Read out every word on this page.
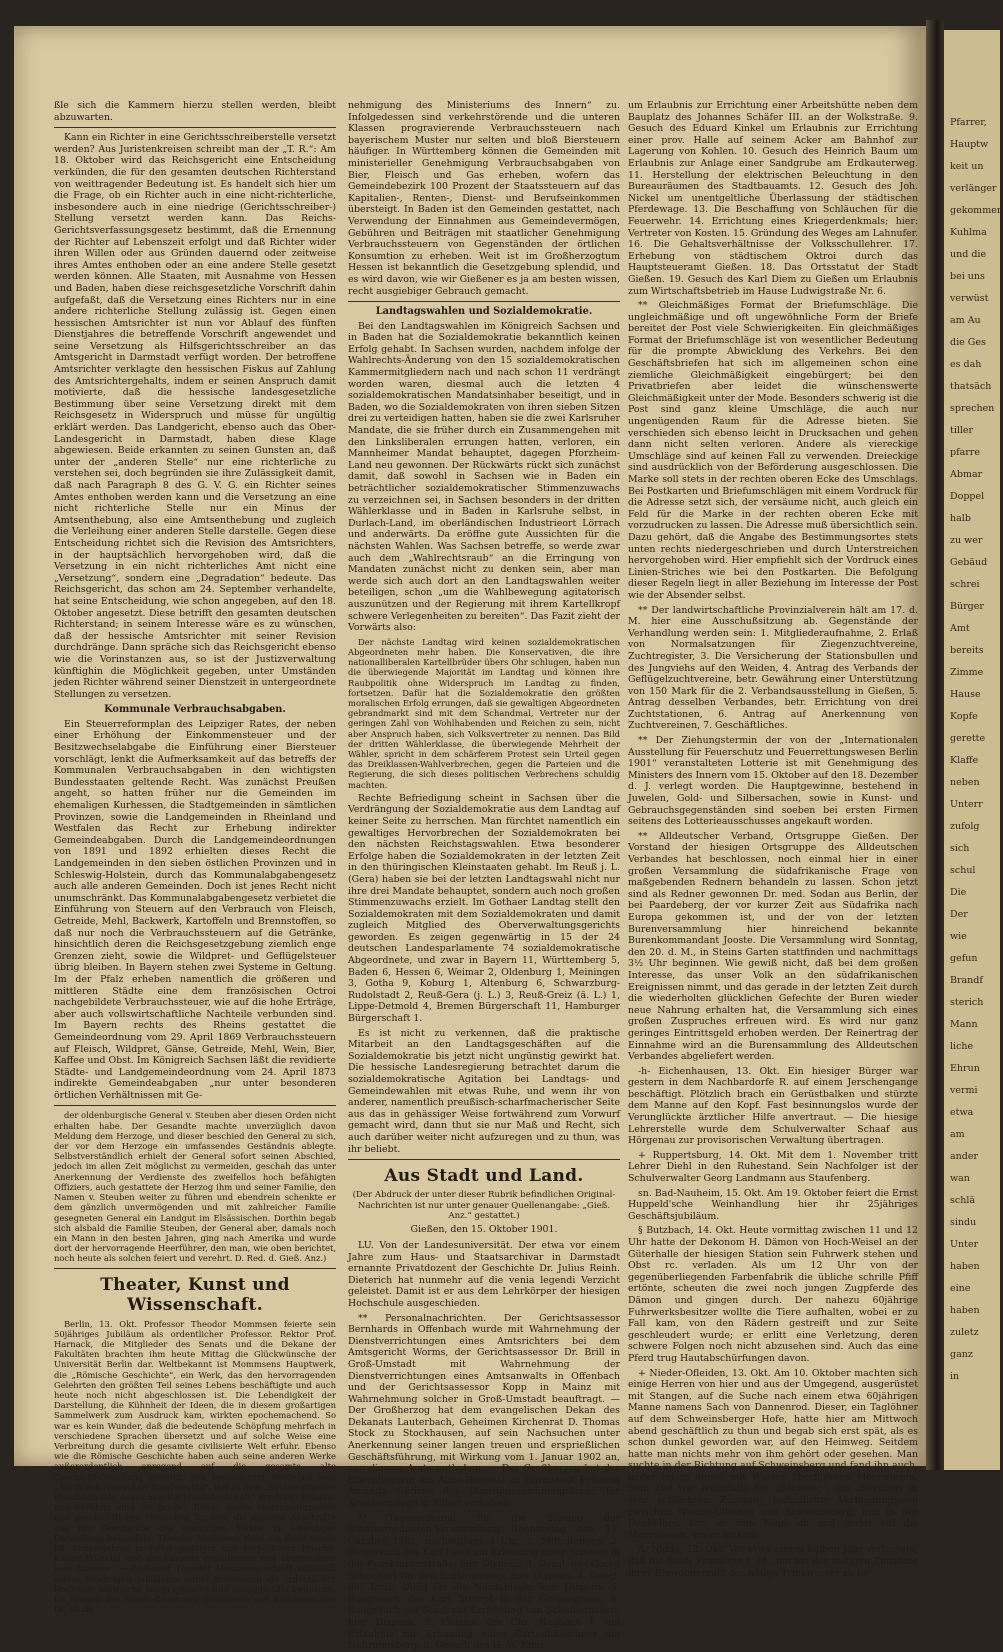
ßle sich die Kammern hierzu stellen werden, bleibt abzuwarten.

Kann ein Richter in eine Gerichtsschreiberstelle versetzt werden? Aus Juristenkreisen schreibt man der „T. R.“: Am 18. Oktober wird das Reichsgericht eine Entscheidung verkünden, die für den gesamten deutschen Richterstand von weittragender Bedeutung ist. Es handelt sich hier um die Frage, ob ein Richter auch in eine nicht-richterliche, insbesondere auch in eine niedrige (Gerichtsschreiber-) Stellung versetzt werden kann. Das Reichs-Gerichtsverfassungsgesetz bestimmt, daß die Ernennung der Richter auf Lebenszeit erfolgt und daß Richter wider ihren Willen oder aus Gründen dauernd oder zeitweise ihres Amtes enthoben oder an eine andere Stelle gesetzt werden können. Alle Staaten, mit Ausnahme von Hessen und Baden, haben diese reichsgesetzliche Vorschrift dahin aufgefaßt, daß die Versetzung eines Richters nur in eine andere richterliche Stellung zulässig ist. Gegen einen hessischen Amtsrichter ist nun vor Ablauf des fünften Dienstjahres die betreffende Vorschrift angewendet und seine Versetzung als Hilfsgerichtsschreiber an das Amtsgericht in Darmstadt verfügt worden. Der betroffene Amtsrichter verklagte den hessischen Fiskus auf Zahlung des Amtsrichtergehalts, indem er seinen Anspruch damit motivierte, daß die hessische landesgesetzliche Bestimmung über seine Versetzung direkt mit dem Reichsgesetz in Widerspruch und müsse für ungültig erklärt werden. Das Landgericht, ebenso auch das Ober-Landesgericht in Darmstadt, haben diese Klage abgewiesen. Beide erkannten zu seinen Gunsten an, daß unter der „anderen Stelle“ nur eine richterliche zu verstehen sei, doch begründen sie ihre Zulässigkeit damit, daß nach Paragraph 8 des G. V. G. ein Richter seines Amtes enthoben werden kann und die Versetzung an eine nicht richterliche Stelle nur ein Minus der Amtsenthebung, also eine Amtsenthebung und zugleich die Verleihung einer anderen Stelle darstelle. Gegen diese Entscheidung richtet sich die Revision des Amtsrichters, in der hauptsächlich hervorgehoben wird, daß die Versetzung in ein nicht richterliches Amt nicht eine „Versetzung“, sondern eine „Degradation“ bedeute. Das Reichsgericht, das schon am 24. September verhandelte, hat seine Entscheidung, wie schon angegeben, auf den 18. Oktober angesetzt. Diese betrifft den gesamten deutschen Richterstand; in seinem Interesse wäre es zu wünschen, daß der hessische Amtsrichter mit seiner Revision durchdränge. Dann spräche sich das Reichsgericht ebenso wie die Vorinstanzen aus, so ist der Justizverwaltung künftighin die Möglichkeit gegeben, unter Umständen jeden Richter während seiner Dienstzeit in untergeordnete Stellungen zu versetzen.

Kommunale Verbrauchsabgaben.

Ein Steuerreformplan des Leipziger Rates, der neben einer Erhöhung der Einkommensteuer und der Besitzwechselabgabe die Einführung einer Biersteuer vorschlägt, lenkt die Aufmerksamkeit auf das betreffs der Kommunalen Verbrauchsabgaben in den wichtigsten Bundesstaaten geltende Recht. Was zunächst Preußen angeht, so hatten früher nur die Gemeinden im ehemaligen Kurhessen, die Stadtgemeinden in sämtlichen Provinzen, sowie die Landgemeinden in Rheinland und Westfalen das Recht zur Erhebung indirekter Gemeindeabgaben. Durch die Landgemeindeordnungen von 1891 und 1892 erhielten dieses Recht die Landgemeinden in den sieben östlichen Provinzen und in Schleswig-Holstein, durch das Kommunalabgabengesetz auch alle anderen Gemeinden. Doch ist jenes Recht nicht unumschränkt. Das Kommunalabgabengesetz verbietet die Einführung von Steuern auf den Verbrauch von Fleisch, Getreide, Mehl, Backwerk, Kartoffeln und Brennstoffen, so daß nur noch die Verbrauchssteuern auf die Getränke, hinsichtlich deren die Reichsgesetzgebung ziemlich enge Grenzen zieht, sowie die Wildpret- und Geflügelsteuer übrig bleiben. In Bayern stehen zwei Systeme in Geltung. Im der Pfalz erheben namentlich die größeren und mittleren Städte eine dem französischen Octroi nachgebildete Verbrauchssteuer, wie auf die hohe Erträge, aber auch vollswirtschaftliche Nachteile verbunden sind. Im Bayern rechts des Rheins gestattet die Gemeindeordnung vom 29. April 1869 Verbrauchssteuern auf Fleisch, Wildpret, Gänse, Getreide, Mehl, Wein, Bier, Kaffee und Obst. Im Königreich Sachsen läßt die revidierte Städte- und Landgemeindeordnung vom 24. April 1873 indirekte Gemeindeabgaben „nur unter besonderen örtlichen Verhältnissen mit Ge-

der oldenburgische General v. Steuben aber diesen Orden nicht erhalten habe. Der Gesandte machte unverzüglich davon Meldung dem Herzoge, und dieser beschied den General zu sich, der vor dem Herzoge ein umfassendes Geständnis ablegte. Selbstverständlich erhielt der General sofort seinen Abschied, jedoch im allen Zeit möglichst zu vermeiden, geschah das unter Anerkennung der Verdienste des zweifellos hoch befähigten Offiziers, auch gestattete der Herzog ihm und seiner Familie, den Namen v. Steuben weiter zu führen und ebendrein schenkte er dem gänzlich unvermögenden und mit zahlreicher Familie gesegneten General ein Landgut im Elsässischen. Dorthin begab sich alsbald die Familie Steuben, der General aber, damals noch ein Mann in den besten Jahren, ging nach Amerika und wurde dort der hervorragende Heerführer, den man, wie oben berichtet, noch heute als solchen feiert und verehrt. D. Red. d. Gieß. Anz.)

Theater, Kunst und Wissenschaft.

Berlin, 13. Okt. Professor Theodor Mommsen feierte sein 50jähriges Jubiläum als ordentlicher Professor. Rektor Prof. Harnack, die Mitglieder des Senats und die Dekane der Fakultäten brachten ihm heute Mittag die Glückwünsche der Universität Berlin dar. Weltbekannt ist Mommsens Hauptwerk, die „Römische Geschichte“, ein Werk, das den hervorragenden Gelehrten den größten Teil seines Lebens beschäftigte und auch heute noch nicht abgeschlossen ist. Die Lebendigkeit der Darstellung, die Kühnheit der Ideen, die in diesem großartigen Sammelwerk zum Ausdruck kam, wirkten epochemachend. So war es kein Wunder, daß die bedeutende Schöpfung mehrfach in verschiedene Sprachen übersetzt und auf solche Weise eine Verbreitung durch die gesamte civilisierte Welt erfuhr. Ebenso wie die Römische Geschichte haben auch seine anderen Werke außerordentlich anregend auf die gesamte alte Geschichtsforschung gewirkt. Von besonderem Werte ist sein „Abriß des römischen Staatsrechts“, der in dem „Systematischen Handbuch der deutschen Rechtswissenschaft“ erschien; bekannt und berühmt sind die großen Bände seiner rechtshistorischen und geschichtlichen römischen Studien, die einzelne Abschnitte aus der Geschichte des römischen Volkes in lebendiger Darstellung behandeln. Theodor Mommsen steht am Ende seines 84. Lebensjahres in voller geistiger und körperlicher Frische. Kaiser Wilhelm und die Kaiserin gratulierten und überreichten eine Adresse. — Professor Theodor Mommsen erhielt anläßlich seines 50jährigen Jubiläums seiner Ernennung als ordentlicher Professor zahlreiche telegraphische und sonstige Glückwünsche. Im Namen der Staats-Regierung gratulierte der Kultusminister Dr. Studt.

nehmigung des Ministeriums des Innern“ zu. Infolgedessen sind verkehrstörende und die unteren Klassen progravierende Verbrauchssteuern nach bayerischem Muster nur selten und bloß Biersteuern häufiger. In Württemberg können die Gemeinden mit ministerieller Genehmigung Verbrauchsabgaben von Bier, Fleisch und Gas erheben, wofern das Gemeindebezirk 100 Prozent der Staatssteuern auf das Kapitalien-, Renten-, Dienst- und Berufseinkommen übersteigt. In Baden ist den Gemeinden gestattet, nach Verwendung der Einnahmen aus Gemeindevermögen, Gebühren und Beiträgen mit staatlicher Genehmigung Verbrauchssteuern von Gegenständen der örtlichen Konsumtion zu erheben. Weit ist im Großherzogtum Hessen ist bekanntlich die Gesetzgebung splendid, und es wird davon, wie wir Gießener es ja am besten wissen, recht ausgiebiger Gebrauch gemacht.

Landtagswahlen und Sozialdemokratie.

Bei den Landtagswahlen im Königreich Sachsen und in Baden hat die Sozialdemokratie bekanntlich keinen Erfolg gehabt. In Sachsen wurden, nachdem infolge der Wahlrechts-Änderung von den 15 sozialdemokratischen Kammermitgliedern nach und nach schon 11 verdrängt worden waren, diesmal auch die letzten 4 sozialdemokratischen Mandatsinhaber beseitigt, und in Baden, wo die Sozialdemokraten von ihren sieben Sitzen drei zu verteidigen hatten, haben sie die zwei Karlsruher Mandate, die sie früher durch ein Zusammengehen mit den Linksliberalen errungen hatten, verloren, ein Mannheimer Mandat behauptet, dagegen Pforzheim-Land neu gewonnen. Der Rückwärts rückt sich zunächst damit, daß sowohl in Sachsen wie in Baden ein beträchtlicher sozialdemokratischer Stimmenzuwachs zu verzeichnen sei, in Sachsen besonders in der dritten Wählerklasse und in Baden in Karlsruhe selbst, in Durlach-Land, im oberländischen Industrieort Lörrach und anderwärts. Da eröffne gute Aussichten für die nächsten Wahlen. Was Sachsen betreffe, so werde zwar auch dem „Wahlrechtsraub“ an die Erringung von Mandaten zunächst nicht zu denken sein, aber man werde sich auch dort an den Landtagswahlen weiter beteiligen, schon „um die Wahlbewegung agitatorisch auszunützen und der Regierung mit ihrem Kartellkropf schwere Verlegenheiten zu bereiten“. Das Fazit zieht der Vorwärts also:

Der nächste Landtag wird keinen sozialdemokratischen Abgeordneten mehr haben. Die Konservativen, die ihre nationalliberalen Kartellbrüder übers Ohr schlugen, haben nun die überwiegende Majorität im Landtag und können ihre Raubpolitik ohne Widerspruch im Landtag zu finden, fortsetzen. Dafür hat die Sozialdemokratie den größten moralischen Erfolg errungen, daß sie gewaltigen Abgeordneten gebrandmarkt sind mit dem Schandmal, Vertreter nur der geringen Zahl von Wohlhabenden und Reichen zu sein, nicht aber Anspruch haben, sich Volksvertreter zu nennen. Das Bild der dritten Wählerklasse, die überwiegende Mehrheit der Wähler, spricht in dem schärferem Protest sein Urteil gegen das Dreiklassen-Wahlverbrechen, gegen die Parteien und die Regierung, die sich dieses politischen Verbrechens schuldig machten.

Rechte Befriedigung scheint in Sachsen über die Verdrängung der Sozialdemokratie aus dem Landtag auf keiner Seite zu herrschen. Man fürchtet namentlich ein gewaltiges Hervorbrechen der Sozialdemokraten bei den nächsten Reichstagswahlen. Etwa besonderer Erfolge haben die Sozialdemokraten in der letzten Zeit in den thüringischen Kleinstaaten gehabt. Im Reuß j. L. (Gera) haben sie bei der letzten Landtagswahl nicht nur ihre drei Mandate behauptet, sondern auch noch großen Stimmenzuwachs erzielt. Im Gothaer Landtag stellt den Sozialdemokraten mit dem Sozialdemokraten und damit zugleich Mitglied des Oberverwaltungsgerichts geworden. Es zeigen gegenwärtig in 15 der 24 deutschen Landesparlamente 74 sozialdemokratische Abgeordnete, und zwar in Bayern 11, Württemberg 5, Baden 6, Hessen 6, Weimar 2, Oldenburg 1, Meiningen 3, Gotha 9, Koburg 1, Altenburg 6, Schwarzburg-Rudolstadt 2, Reuß-Gera (j. L.) 3, Reuß-Greiz (ä. L.) 1, Lippe-Detmold 4, Bremen Bürgerschaft 11, Hamburger Bürgerschaft 1.

Es ist nicht zu verkennen, daß die praktische Mitarbeit an den Landtagsgeschäften auf die Sozialdemokratie bis jetzt nicht ungünstig gewirkt hat. Die hessische Landesregierung betrachtet darum die sozialdemokratische Agitation bei Landtags- und Gemeindewahlen mit etwas Ruhe, und wenn ihr von anderer, namentlich preußisch-scharfmacherischer Seite aus das in gehässiger Weise fortwährend zum Vorwurf gemacht wird, dann thut sie nur Maß und Recht, sich auch darüber weiter nicht aufzuregen und zu thun, was ihr beliebt.

Aus Stadt und Land.
(Der Abdruck der unter dieser Rubrik befindlichen Original-Nachrichten ist nur unter genauer Quellenangabe: „Gieß. Anz.“ gestattet.)
Gießen, den 15. Oktober 1901.

LU. Von der Landesuniversität. Der etwa vor einem Jahre zum Haus- und Staatsarchivar in Darmstadt ernannte Privatdozent der Geschichte Dr. Julius Reinh. Dieterich hat nunmehr auf die venia legendi Verzicht geleistet. Damit ist er aus dem Lehrkörper der hiesigen Hochschule ausgeschieden.

** Personalnachrichten. Der Gerichtsassessor Bernhards in Offenbach wurde mit Wahrnehmung der Dienstverrichtungen eines Amtsrichters bei dem Amtsgericht Worms, der Gerichtsassessor Dr. Brill in Groß-Umstadt mit Wahrnehmung der Dienstverrichtungen eines Amtsanwalts in Offenbach und der Gerichtsassessor Kopp in Mainz mit Wahrnehmung solcher in Groß-Umstadt beauftragt. — Der Großherzog hat dem evangelischen Dekan des Dekanats Lauterbach, Geheimen Kirchenrat D. Thomas Stock zu Stockhausen, auf sein Nachsuchen unter Anerkennung seiner langen treuen und ersprießlichen Geschäftsführung, mit Wirkung vom 1. Januar 1902 an, von diesem Amte enthoben. — Der Großherzog hat der Oberpflegerin am Alice-Hospital zu Darmstadt Fräulein Amanda Gericke das Dienstauszeichnungskreuz für Krankenpflege in Silber verliehen.

** Tagesordnung für die Sitzung der Stadtverordneten-Versammlung Donnerstag den 17. Oktober 1901, nachmittags 4 Uhr. 1. Mitteilungen. 2. Baugesuch des Karl Haas um Erbauung einer Scheuer in der Frankfurterstraße; hier Dispens. 3. Desgl. des Georg Schuchert für den Erdkauerweg; hier Dispens. 4. Desgl. des Louis Diehl für die Nordanlage; hier Dispens. 5. Baugesuch des Karl Stumpf in der Grabengasse. 6. Baugesuch der Stadt zur Errichtung von Schulbaracken; hier Dispens. 7. Gesuch des Chr. Haubach I. um Erlaubnis zur Erbauung eines Gartenhäuschens am Nahrungsberg. 8. Gesuch des H. W. Kinn

um Erlaubnis zur Errichtung einer Arbeitshütte neben dem Bauplatz des Johannes Schäfer III. an der Wolkstraße. 9. Gesuch des Eduard Kinkel um Erlaubnis zur Errichtung einer prov. Halle auf seinem Acker am Bahnhof zur Lagerung von Kohlen. 10. Gesuch des Heinrich Baum um Erlaubnis zur Anlage einer Sandgrube am Erdkauterweg. 11. Herstellung der elektrischen Beleuchtung in den Bureauräumen des Stadtbauamts. 12. Gesuch des Joh. Nickel um unentgeltliche Überlassung der städtischen Pferdewage. 13. Die Beschaffung von Schläuchen für die Feuerwehr. 14. Errichtung eines Kriegerdenkmals; hier: Vertreter von Kosten. 15. Gründung des Weges am Lahnufer. 16. Die Gehaltsverhältnisse der Volksschullehrer. 17. Erhebung von städtischem Oktroi durch das Hauptsteueramt Gießen. 18. Das Ortsstatut der Stadt Gießen. 19. Gesuch des Karl Diem zu Gießen um Erlaubnis zum Wirtschaftsbetrieb im Hause Ludwigstraße Nr. 6.

** Gleichmäßiges Format der Briefumschläge. Die ungleichmäßige und oft ungewöhnliche Form der Briefe bereitet der Post viele Schwierigkeiten. Ein gleichmäßiges Format der Briefumschläge ist von wesentlicher Bedeutung für die prompte Abwicklung des Verkehrs. Bei den Geschäftsbriefen hat sich im allgemeinen schon eine ziemliche Gleichmäßigkeit eingebürgert; bei den Privatbriefen aber leidet die wünschenswerte Gleichmäßigkeit unter der Mode. Besonders schwerig ist die Post sind ganz kleine Umschläge, die auch nur ungenügenden Raum für die Adresse bieten. Sie verschieden sich ebenso leicht in Drucksachen und gehen dann nicht selten verloren. Andere als viereckige Umschläge sind auf keinen Fall zu verwenden. Dreieckige sind ausdrücklich von der Beförderung ausgeschlossen. Die Marke soll stets in der rechten oberen Ecke des Umschlags. Bei Postkarten und Briefumschlägen mit einem Vordruck für die Adresse setzt sich, der versäume nicht, auch gleich ein Feld für die Marke in der rechten oberen Ecke mit vorzudrucken zu lassen. Die Adresse muß übersichtlich sein. Dazu gehört, daß die Angabe des Bestimmungsortes stets unten rechts niedergeschrieben und durch Unterstreichen hervorgehoben wird. Hier empfiehlt sich der Vordruck eines Linien-Striches wie bei den Postkarten. Die Befolgung dieser Regeln liegt in aller Beziehung im Interesse der Post wie der Absender selbst.

** Der landwirtschaftliche Provinzialverein hält am 17. d. M. hier eine Ausschußsitzung ab. Gegenstände der Verhandlung werden sein: 1. Mitgliederaufnahme, 2. Erlaß von Normalsatzungen für Ziegenzuchtvereine, Zuchtregister, 3. Die Versicherung der Stationsbullen und des Jungviehs auf den Weiden, 4. Antrag des Verbands der Geflügelzuchtvereine, betr. Gewährung einer Unterstützung von 150 Mark für die 2. Verbandsausstellung in Gießen, 5. Antrag desselben Verbandes, betr. Errichtung von drei Zuchtstationen, 6. Antrag auf Anerkennung von Zuchtvereinen, 7. Geschäftliches.

** Der Ziehungstermin der von der „Internationalen Ausstellung für Feuerschutz und Feuerrettungswesen Berlin 1901“ veranstalteten Lotterie ist mit Genehmigung des Ministers des Innern vom 15. Oktober auf den 18. Dezember d. J. verlegt worden. Die Hauptgewinne, bestehend in Juwelen, Gold- und Silbersachen, sowie in Kunst- und Gebrauchsgegenständen sind soeben bei ersten Firmen seitens des Lotterieausschusses angekauft worden.

** Alldeutscher Verband, Ortsgruppe Gießen. Der Vorstand der hiesigen Ortsgruppe des Alldeutschen Verbandes hat beschlossen, noch einmal hier in einer großen Versammlung die südafrikanische Frage von maßgebenden Rednern behandeln zu lassen. Schon jetzt sind als Redner gewonnen Dr. med. Sodan aus Berlin, der bei Paardeberg, der vor kurzer Zeit aus Südafrika nach Europa gekommen ist, und der von der letzten Burenversammlung hier hinreichend bekannte Burenkommandant Jooste. Die Versammlung wird Sonntag, den 20. d. M., in Steins Garten stattfinden und nachmittags 3½ Uhr beginnen. Wie gewiß nicht, daß bei dem großen Interesse, das unser Volk an den südafrikanischen Ereignissen nimmt, und das gerade in der letzten Zeit durch die wiederholten glücklichen Gefechte der Buren wieder neue Nahrung erhalten hat, die Versammlung sich eines großen Zuspruches erfreuen wird. Es wird nur ganz geringes Eintrittsgeld erhoben werden. Der Reinertrag der Einnahme wird an die Burensammlung des Alldeutschen Verbandes abgeliefert werden.

-h- Eichenhausen, 13. Okt. Ein hiesiger Bürger war gestern in dem Nachbardorfe R. auf einem Jerschengange beschäftigt. Plötzlich brach ein Gerüstbalken und stürzte dem Manne auf den Kopf. Fast besinnungslos wurde der Verunglückte ärztlicher Hilfe anvertraut. — Die hiesige Lehrerstelle wurde dem Schulverwalter Schaaf aus Hörgenau zur provisorischen Verwaltung übertragen.

+ Ruppertsburg, 14. Okt. Mit dem 1. November tritt Lehrer Diehl in den Ruhestand. Sein Nachfolger ist der Schulverwalter Georg Landmann aus Staufenberg.

sn. Bad-Nauheim, 15. Okt. Am 19. Oktober feiert die Ernst Huppeld'sche Weinhandlung hier ihr 25jähriges Geschäftsjubiläum.

§ Butzbach, 14. Okt. Heute vormittag zwischen 11 und 12 Uhr hatte der Dekonom H. Dämon von Hoch-Weisel an der Güterhalle der hiesigen Station sein Fuhrwerk stehen und Obst rc. verladen. Als um 12 Uhr von der gegenüberliegenden Farbenfabrik die übliche schrille Pfiff ertönte, scheuten die zwei noch jungen Zugpferde des Dämon und gingen durch. Der nahezu 60jährige Fuhrwerksbesitzer wollte die Tiere aufhalten, wobei er zu Fall kam, von den Rädern gestreift und zur Seite geschleudert wurde; er erlitt eine Verletzung, deren schwere Folgen noch nicht abzusehen sind. Auch das eine Pferd trug Hautabschürfungen davon.

+ Nieder-Ofleiden, 13. Okt. Am 10. Oktober machten sich einige Herren von hier und aus der Umgegend, ausgerüstet mit Stangen, auf die Suche nach einem etwa 60jährigen Manne namens Sach von Dannenrod. Dieser, ein Taglöhner auf dem Schweinsberger Hofe, hatte hier am Mittwoch abend geschäftlich zu thun und begab sich erst spät, als es schon dunkel geworden war, auf den Heimweg. Seitdem hatte man nichts mehr von ihm gehört oder gesehen. Man suchte in der Richtung auf Schweinsberg und fand ihn auch, leider tot in einem mit Wasser überfluteten Moorwiesen. Sein Ziel war jedenfalls der „Sachweg“, ein allerdings in sehr schlechtem Zustande befindlicher Verbindungsweg zwischen Nieder-Ofleiden und Schweinsberg, und in der Dunkelheit kam er vom Wege ab und geriet auf die Moorwiesen, wo er umkam.

A. Nidda, 12. Okt. Vor etwa einem halben Jahr verlautete, daß die Stadt Frankfurt a. M., um bei der stetigen Zunahme ihrer Einwohnerzahl das nötige Trinkwasser zu be-

Pfarrer,
Hauptw
keit un
verlänger
gekommen
Kuhlma
und die
bei uns
verwüst
am Au
die Ges
es dah
thatsäch
sprechen
tiller
pfarre
Abmar
Doppel
halb
zu wer
Gebäud
schrei
Bürger
Amt
bereits
Zimme
Hause
Kopfe
gerette
Klaffe
neben
Unterr
zufolg
sich
schul
Die
Der
wie
gefun
Brandf
sterich
Mann
liche
Ehrun
vermi
etwa
am
ander
wan
schlä
sindu
Unter
haben
eine
haben
zuletz
ganz
in
